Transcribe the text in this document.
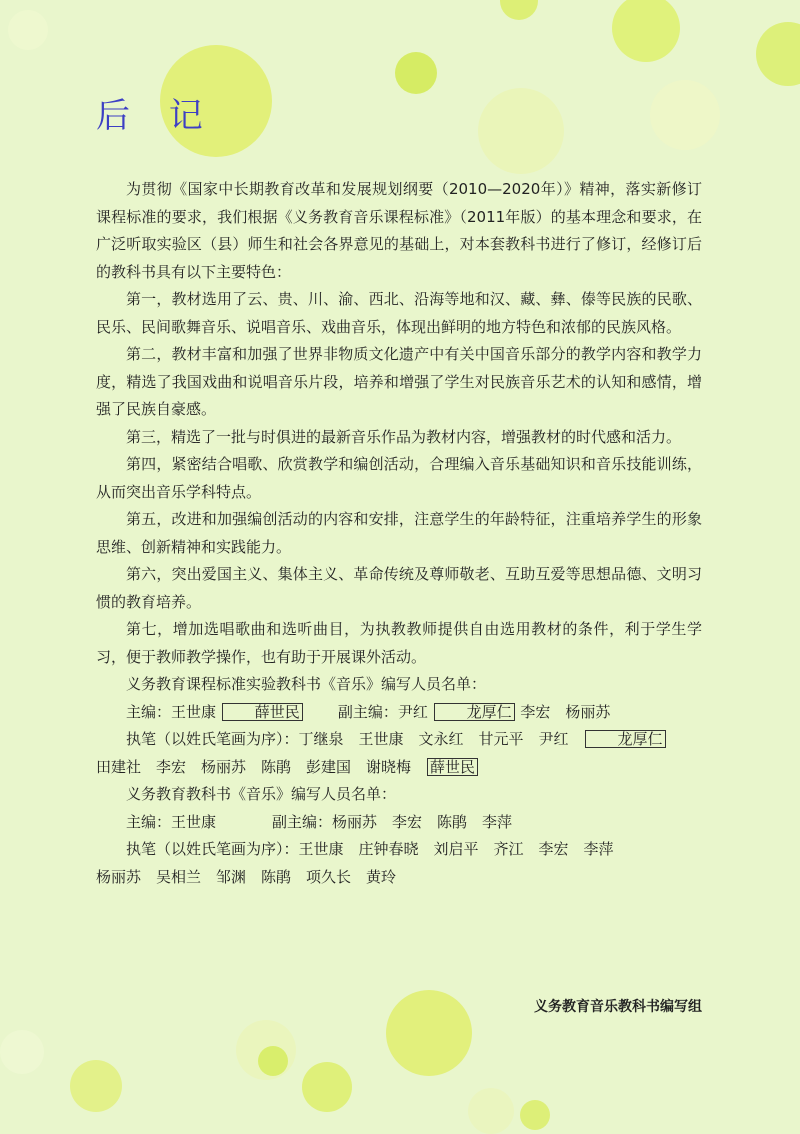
后 记

为贯彻《国家中长期教育改革和发展规划纲要（2010—2020年）》精神，落实新修订课程标准的要求，我们根据《义务教育音乐课程标准》（2011年版）的基本理念和要求，在广泛听取实验区（县）师生和社会各界意见的基础上，对本套教科书进行了修订，经修订后的教科书具有以下主要特色：

第一，教材选用了云、贵、川、渝、西北、沿海等地和汉、藏、彝、傣等民族的民歌、民乐、民间歌舞音乐、说唱音乐、戏曲音乐，体现出鲜明的地方特色和浓郁的民族风格。

第二，教材丰富和加强了世界非物质文化遗产中有关中国音乐部分的教学内容和教学力度，精选了我国戏曲和说唱音乐片段，培养和增强了学生对民族音乐艺术的认知和感情，增强了民族自豪感。

第三，精选了一批与时俱进的最新音乐作品为教材内容，增强教材的时代感和活力。

第四，紧密结合唱歌、欣赏教学和编创活动，合理编入音乐基础知识和音乐技能训练，从而突出音乐学科特点。

第五，改进和加强编创活动的内容和安排，注意学生的年龄特征，注重培养学生的形象思维、创新精神和实践能力。

第六，突出爱国主义、集体主义、革命传统及尊师敬老、互助互爱等思想品德、文明习惯的教育培养。

第七，增加选唱歌曲和选听曲目，为执教教师提供自由选用教材的条件，利于学生学习，便于教师教学操作，也有助于开展课外活动。

义务教育课程标准实验教科书《音乐》编写人员名单：

主编：王世康	薛世民	副主编：尹红	龙厚仁 李宏　杨丽苏

执笔（以姓氏笔画为序）：丁继泉　王世康　文永红　甘元平　尹红　	龙厚仁

田建社　李宏　杨丽苏　陈鹃　彭建国　谢晓梅　 薛世民

义务教育教科书《音乐》编写人员名单：

主编：王世康	副主编：杨丽苏　李宏　陈鹃　李萍

执笔（以姓氏笔画为序）：王世康　庄钟春晓　刘启平　齐江　李宏　李萍

杨丽苏　吴相兰　邹渊　陈鹃　项久长　黄玲

义务教育音乐教科书编写组
